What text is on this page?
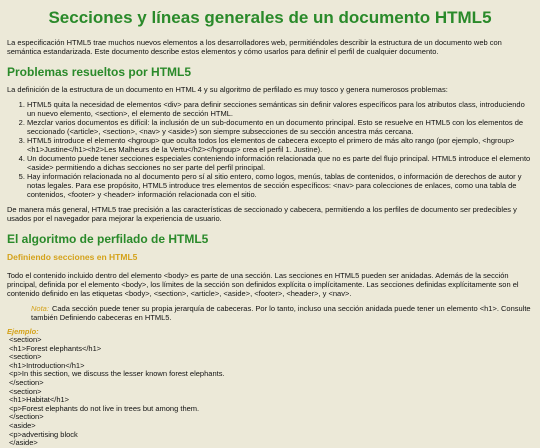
Secciones y líneas generales de un documento HTML5

La especificación HTML5 trae muchos nuevos elementos a los desarrolladores web, permitiéndoles describir la estructura de un documento web con semántica estandarizada. Este documento describe estos elementos y cómo usarlos para definir el perfil de cualquier documento.

Problemas resueltos por HTML5

La definición de la estructura de un documento en HTML 4 y su algoritmo de perfilado es muy tosco y genera numerosos problemas:

1. HTML5 quita la necesidad de elementos <div> para definir secciones semánticas sin definir valores específicos para los atributos class, introduciendo un nuevo elemento, <section>, el elemento de sección HTML.
2. Mezclar varios documentos es difícil: la inclusión de un sub-documento en un documento principal. Esto se resuelve en HTML5 con los elementos de seccionado (<article>, <section>, <nav> y <aside>) son siempre subsecciones de su sección ancestra más cercana.
3. HTML5 introduce el elemento <hgroup> que oculta todos los elementos de cabecera excepto el primero de más alto rango (por ejemplo, <hgroup><h1>Justine</h1><h2>Les Malheurs de la Vertu</h2></hgroup> crea el perfil 1. Justine).
4. Un documento puede tener secciones especiales conteniendo información relacionada que no es parte del flujo principal. HTML5 introduce el elemento <aside> permitiendo a dichas secciones no ser parte del perfil principal.
5. Hay información relacionada no al documento pero sí al sitio entero, como logos, menús, tablas de contenidos, o información de derechos de autor y notas legales. Para ese propósito, HTML5 introduce tres elementos de sección específicos: <nav> para colecciones de enlaces, como una tabla de contenidos, <footer> y <header> información relacionada con el sitio.

De manera más general, HTML5 trae precisión a las características de seccionado y cabecera, permitiendo a los perfiles de documento ser predecibles y usados por el navegador para mejorar la experiencia de usuario.

El algoritmo de perfilado de HTML5
Definiendo secciones en HTML5

Todo el contenido incluido dentro del elemento <body> es parte de una sección. Las secciones en HTML5 pueden ser anidadas. Además de la sección principal, definida por el elemento <body>, los límites de la sección son definidos explícita o implícitamente. Las secciones definidas explícitamente son el contenido definido en las etiquetas <body>, <section>, <article>, <aside>, <footer>, <header>, y <nav>.

Nota: Cada sección puede tener su propia jerarquía de cabeceras. Por lo tanto, incluso una sección anidada puede tener un elemento <h1>. Consulte también Definiendo cabeceras en HTML5.
Ejemplo:
<section>
<h1>Forest elephants</h1>
<section>
<h1>Introduction</h1>
<p>In this section, we discuss the lesser known forest elephants.
</section>
<section>
<h1>Habitat</h1>
<p>Forest elephants do not live in trees but among them.
</section>
<aside>
<p>advertising block
</aside>
